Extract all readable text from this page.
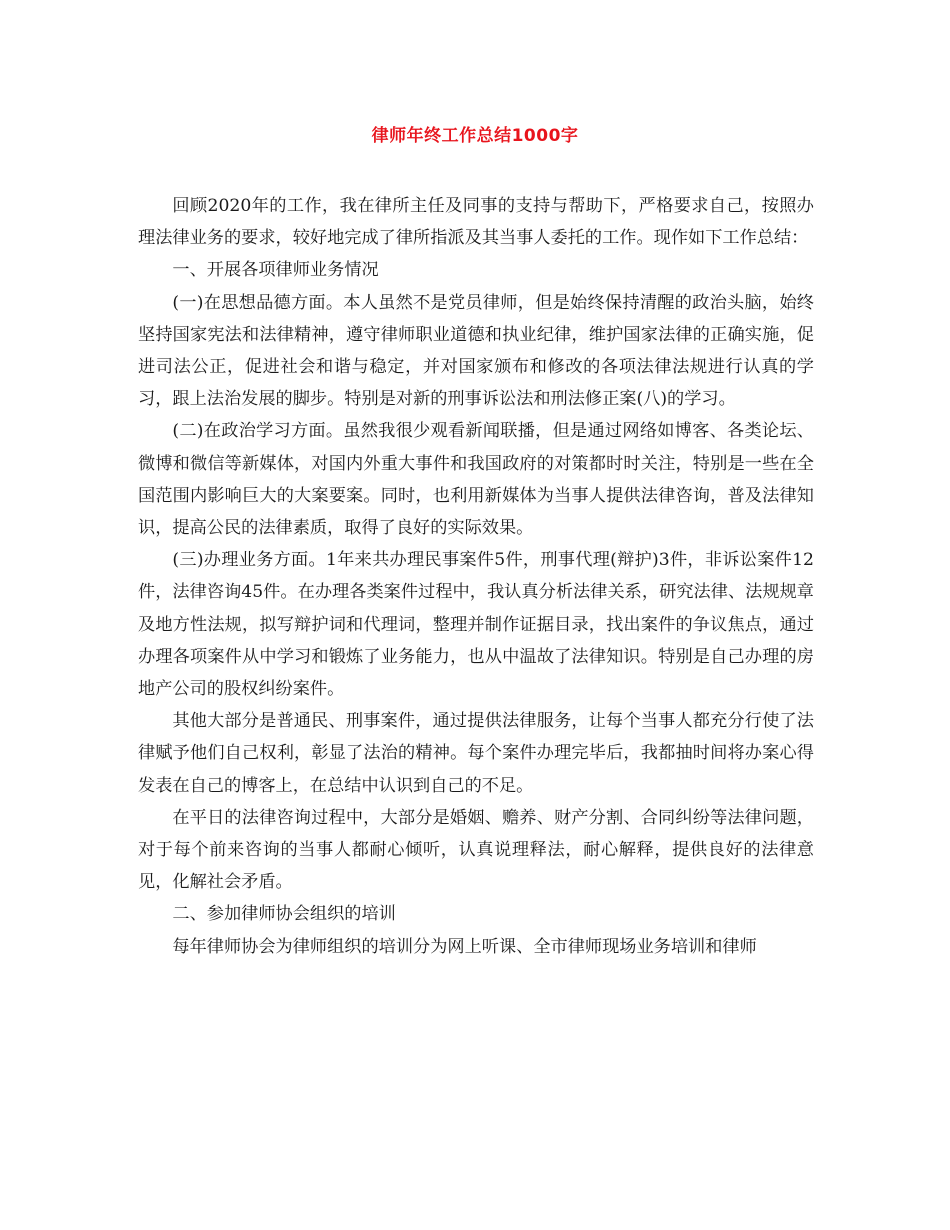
律师年终工作总结1000字

回顾2020年的工作，我在律所主任及同事的支持与帮助下，严格要求自己，按照办理法律业务的要求，较好地完成了律所指派及其当事人委托的工作。现作如下工作总结：

一、开展各项律师业务情况

(一)在思想品德方面。本人虽然不是党员律师，但是始终保持清醒的政治头脑，始终坚持国家宪法和法律精神，遵守律师职业道德和执业纪律，维护国家法律的正确实施，促进司法公正，促进社会和谐与稳定，并对国家颁布和修改的各项法律法规进行认真的学习，跟上法治发展的脚步。特别是对新的刑事诉讼法和刑法修正案(八)的学习。

(二)在政治学习方面。虽然我很少观看新闻联播，但是通过网络如博客、各类论坛、微博和微信等新媒体，对国内外重大事件和我国政府的对策都时时关注，特别是一些在全国范围内影响巨大的大案要案。同时，也利用新媒体为当事人提供法律咨询，普及法律知识，提高公民的法律素质，取得了良好的实际效果。

(三)办理业务方面。1年来共办理民事案件5件，刑事代理(辩护)3件，非诉讼案件12 件，法律咨询45件。在办理各类案件过程中，我认真分析法律关系，研究法律、法规规章及地方性法规，拟写辩护词和代理词，整理并制作证据目录，找出案件的争议焦点，通过办理各项案件从中学习和锻炼了业务能力，也从中温故了法律知识。特别是自己办理的房地产公司的股权纠纷案件。

其他大部分是普通民、刑事案件，通过提供法律服务，让每个当事人都充分行使了法律赋予他们自己权利，彰显了法治的精神。每个案件办理完毕后，我都抽时间将办案心得发表在自己的博客上，在总结中认识到自己的不足。

在平日的法律咨询过程中，大部分是婚姻、赡养、财产分割、合同纠纷等法律问题，对于每个前来咨询的当事人都耐心倾听，认真说理释法，耐心解释，提供良好的法律意见，化解社会矛盾。

二、参加律师协会组织的培训

每年律师协会为律师组织的培训分为网上听课、全市律师现场业务培训和律师
